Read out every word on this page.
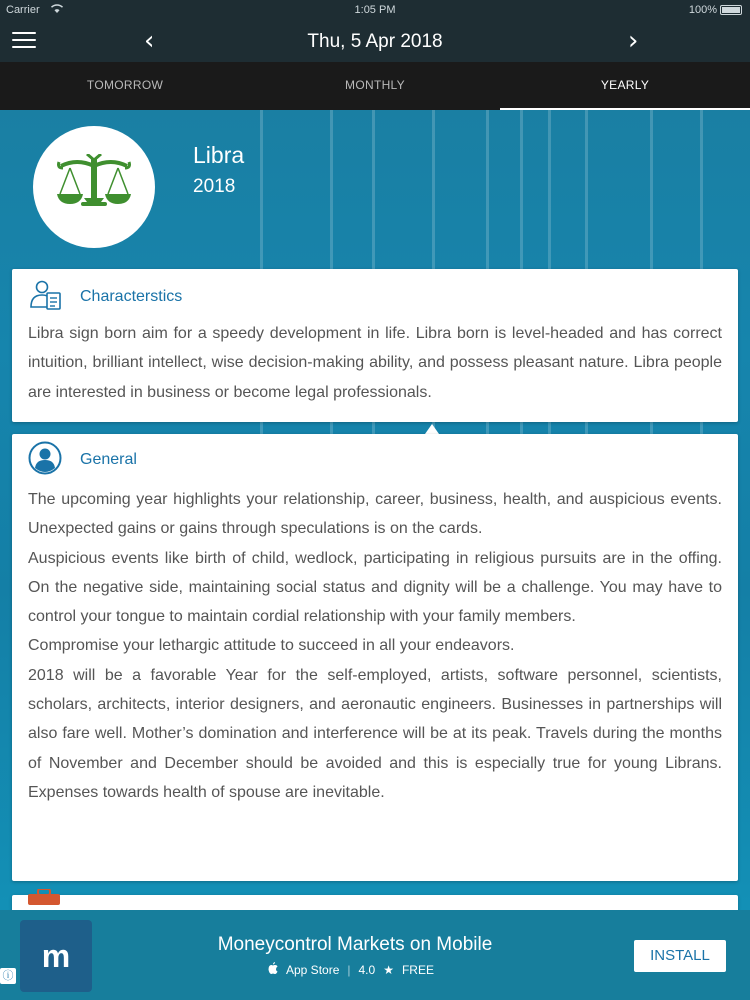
Carrier	1:05 PM	100%
‹	Thu, 5 Apr 2018	›
TOMORROW	MONTHLY	YEARLY
Libra
2018
Characterstics
Libra sign born aim for a speedy development in life. Libra born is level-headed and has correct intuition, brilliant intellect, wise decision-making ability, and possess pleasant nature. Libra people are interested in business or become legal professionals.
General

The upcoming year highlights your relationship, career, business, health, and auspicious events. Unexpected gains or gains through speculations is on the cards.

Auspicious events like birth of child, wedlock, participating in religious pursuits are in the offing. On the negative side, maintaining social status and dignity will be a challenge. You may have to control your tongue to maintain cordial relationship with your family members.

Compromise your lethargic attitude to succeed in all your endeavors.

2018 will be a favorable Year for the self-employed, artists, software personnel, scientists, scholars, architects, interior designers, and aeronautic engineers. Businesses in partnerships will also fare well. Mother’s domination and interference will be at its peak. Travels during the months of November and December should be avoided and this is especially true for young Librans. Expenses towards health of spouse are inevitable.

m	Moneycontrol Markets on Mobile
App Store | 4.0 ★ FREE
INSTALL
ⓘ
